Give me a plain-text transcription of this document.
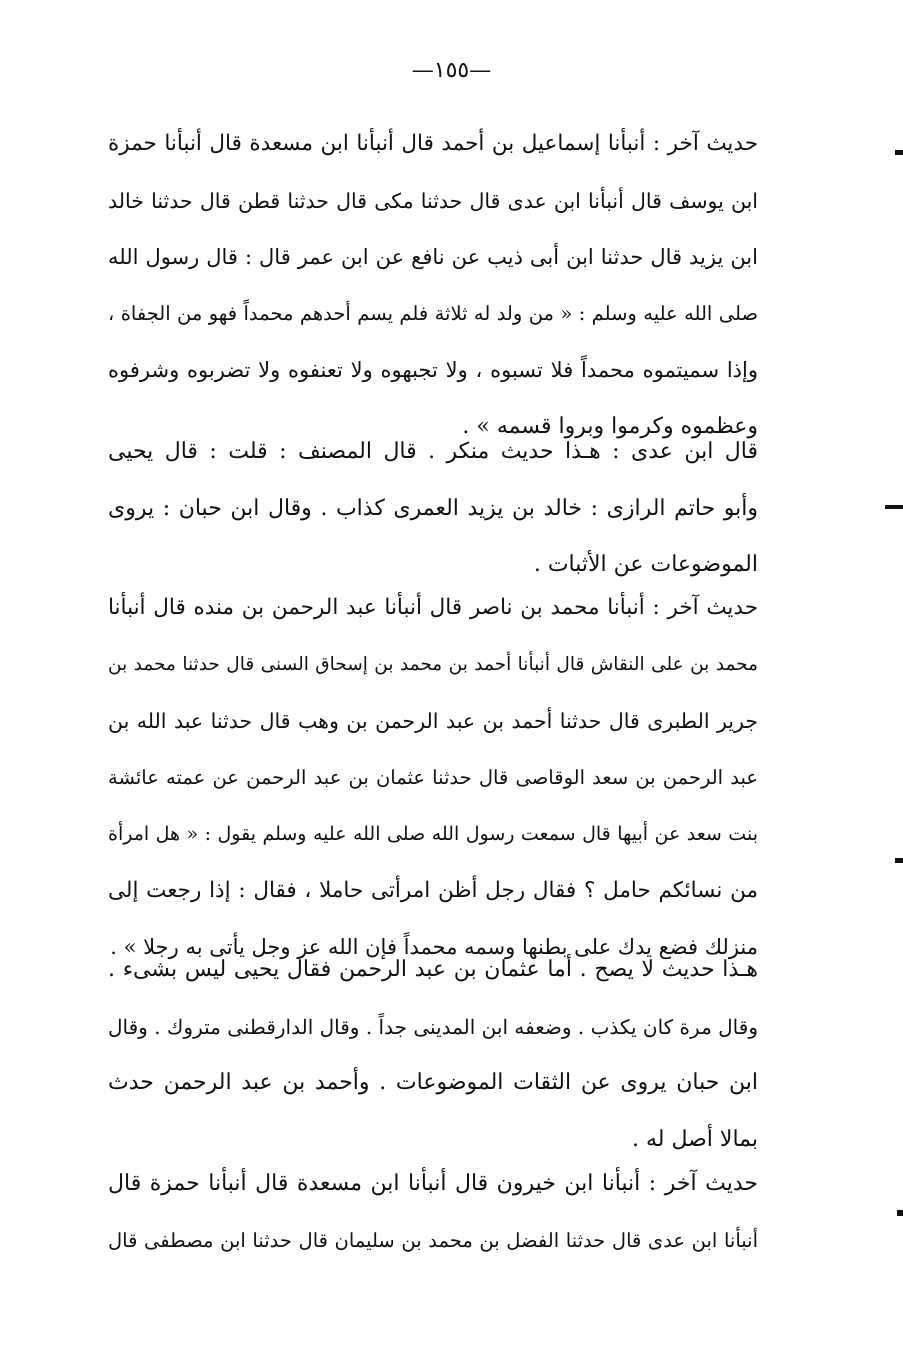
—١٥٥—
حديث آخر : أنبأنا إسماعيل بن أحمد قال أنبأنا ابن مسعدة قال أنبأنا حمزة
ابن يوسف قال أنبأنا ابن عدى قال حدثنا مكى قال حدثنا قطن قال حدثنا خالد
ابن يزيد قال حدثنا ابن أبى ذيب عن نافع عن ابن عمر قال : قال رسول الله
صلى الله عليه وسلم : « من ولد له ثلاثة فلم يسم أحدهم محمداً فهو من الجفاة ،
وإذا سميتموه محمداً فلا تسبوه ، ولا تجبهوه ولا تعنفوه ولا تضربوه وشرفوه
وعظموه وكرموا وبروا قسمه » .
قال ابن عدى : هـذا حديث منكر . قال المصنف : قلت : قال يحيى
وأبو حاتم الرازى : خالد بن يزيد العمرى كذاب . وقال ابن حبان : يروى
الموضوعات عن الأثبات .
حديث آخر : أنبأنا محمد بن ناصر قال أنبأنا عبد الرحمن بن منده قال أنبأنا
محمد بن على النقاش قال أنبأنا أحمد بن محمد بن إسحاق السنى قال حدثنا محمد بن
جرير الطبرى قال حدثنا أحمد بن عبد الرحمن بن وهب قال حدثنا عبد الله بن
عبد الرحمن بن سعد الوقاصى قال حدثنا عثمان بن عبد الرحمن عن عمته عائشة
بنت سعد عن أبيها قال سمعت رسول الله صلى الله عليه وسلم يقول : « هل امرأة
من نسائكم حامل ؟ فقال رجل أظن امرأتى حاملا ، فقال : إذا رجعت إلى
منزلك فضع يدك على بطنها وسمه محمداً فإن الله عز وجل يأتى به رجلا » .
هـذا حديث لا يصح . أما عثمان بن عبد الرحمن فقال يحيى ليس بشىء .
وقال مرة كان يكذب . وضعفه ابن المدينى جداً . وقال الدارقطنى متروك . وقال
ابن حبان يروى عن الثقات الموضوعات . وأحمد بن عبد الرحمن حدث
بمالا أصل له .
حديث آخر : أنبأنا ابن خيرون قال أنبأنا ابن مسعدة قال أنبأنا حمزة قال
أنبأنا ابن عدى قال حدثنا الفضل بن محمد بن سليمان قال حدثنا ابن مصطفى قال
